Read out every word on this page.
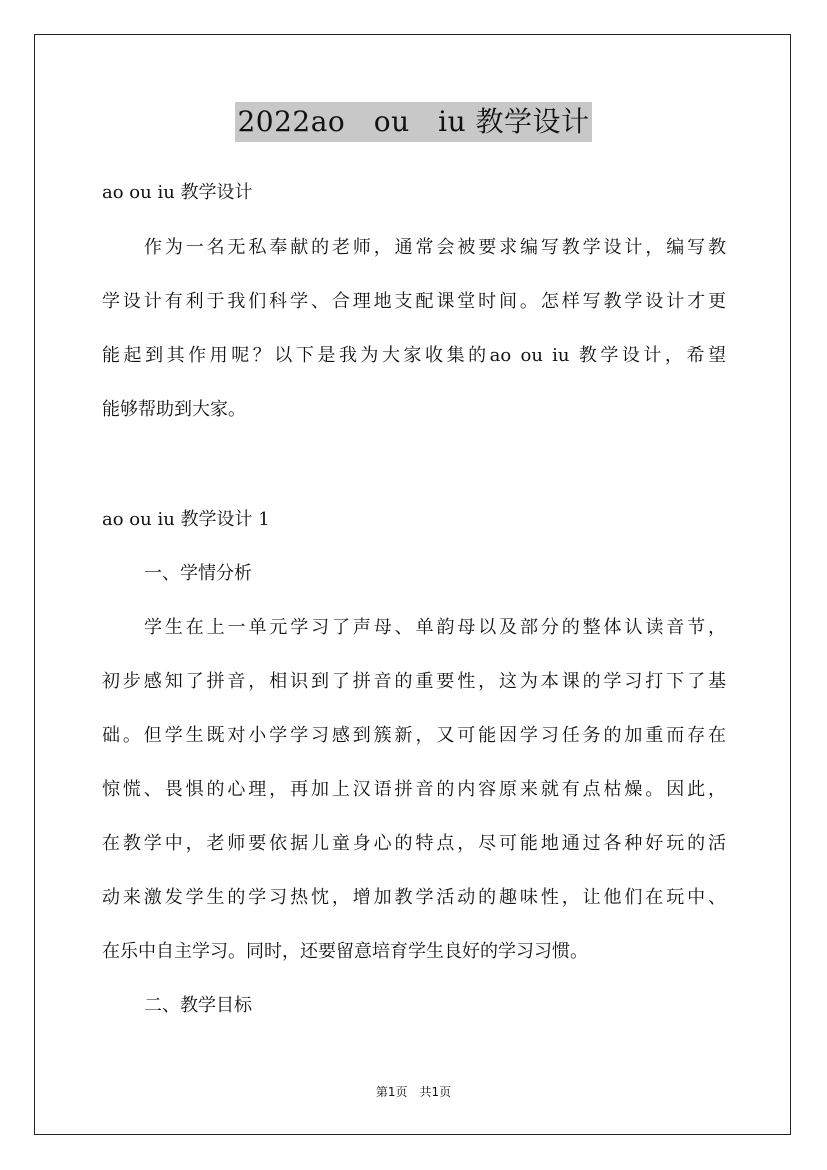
2022ao　ou　iu 教学设计
ao ou iu 教学设计
作为一名无私奉献的老师，通常会被要求编写教学设计，编写教
学设计有利于我们科学、合理地支配课堂时间。怎样写教学设计才更
能起到其作用呢？以下是我为大家收集的ao ou iu 教学设计，希望
能够帮助到大家。
ao ou iu 教学设计 1
一、学情分析
学生在上一单元学习了声母、单韵母以及部分的整体认读音节，
初步感知了拼音，相识到了拼音的重要性，这为本课的学习打下了基
础。但学生既对小学学习感到簇新，又可能因学习任务的加重而存在
惊慌、畏惧的心理，再加上汉语拼音的内容原来就有点枯燥。因此，
在教学中，老师要依据儿童身心的特点，尽可能地通过各种好玩的活
动来激发学生的学习热忱，增加教学活动的趣味性，让他们在玩中、
在乐中自主学习。同时，还要留意培育学生良好的学习习惯。
二、教学目标
第1页　共1页
